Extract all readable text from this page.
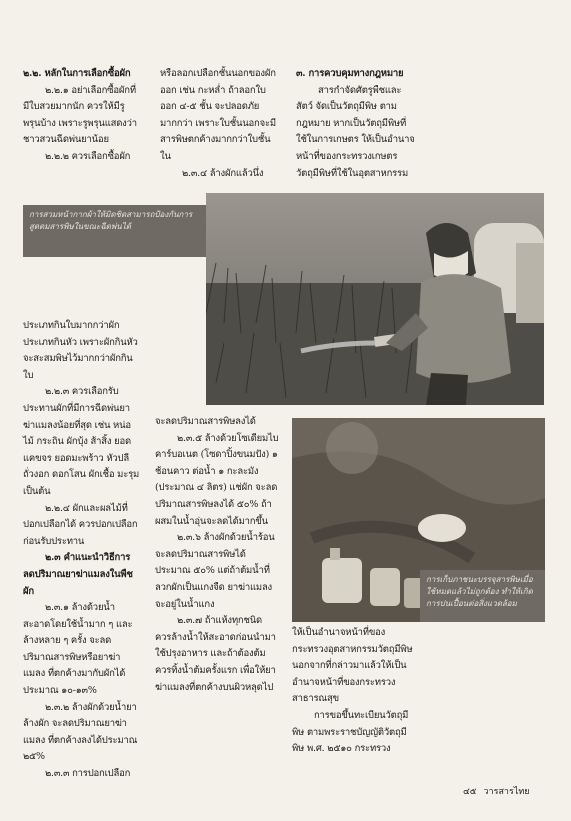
๒.๒. หลักในการเลือกซื้อผัก

๒.๒.๑ อย่าเลือกซื้อผักที่มีใบสวยมากนัก ควรให้มีรูพรุนบ้าง เพราะรูพรุนแสดงว่าชาวสวนฉีดพ่นยาน้อย

๒.๒.๒ ควรเลือกซื้อผัก

หรือลอกเปลือกชั้นนอกของผักออก เช่น กะหล่ำ ถ้าลอกใบออก ๔-๕ ชั้น จะปลอดภัยมากกว่า เพราะใบชั้นนอกจะมีสารพิษตกค้างมากกว่าใบชั้นใน

๒.๓.๔ ล้างผักแล้วนึ่ง

๓. การควบคุมทางกฎหมาย

สารกำจัดศัตรูพืชและสัตว์ จัดเป็นวัตถุมีพิษ ตามกฎหมาย หากเป็นวัตถุมีพิษที่ใช้ในการเกษตร ให้เป็นอำนาจหน้าที่ของกระทรวงเกษตร วัตถุมีพิษที่ใช้ในอุตสาหกรรม

การสวมหน้ากากผ้าให้มิดชิดสามารถป้องกันการสูดดมสารพิษในขณะฉีดพ่นได้

ประเภทกินใบมากกว่าผักประเภทกินหัว เพราะผักกินหัวจะสะสมพิษไว้มากกว่าผักกินใบ

๒.๒.๓ ควรเลือกรับประทานผักที่มีการฉีดพ่นยาฆ่าแมลงน้อยที่สุด เช่น หน่อไม้ กระถิน ผักบุ้ง ส้าสิ้ง ยอดแคขจร ยอดมะพร้าว หัวปลี ถั่วงอก ดอกโสน ผักเชื้อ มะรุม เป็นต้น

๒.๒.๔ ผักและผลไม้ที่ปอกเปลือกได้ ควรปอกเปลือกก่อนรับประทาน

๒.๓ คำแนะนำวิธีการลดปริมาณยาฆ่าแมลงในพืชผัก

๒.๓.๑ ล้างด้วยน้ำสะอาดโดยใช้น้ำมาก ๆ และล้างหลาย ๆ ครั้ง จะลดปริมาณสารพิษหรือยาฆ่าแมลง ที่ตกค้างมากับผักได้ประมาณ ๑๐-๑๓%

๒.๓.๒ ล้างผักด้วยน้ำยาล้างผัก จะลดปริมาณยาฆ่าแมลง ที่ตกค้างลงได้ประมาณ ๒๕%

๒.๓.๓ การปอกเปลือก

จะลดปริมาณสารพิษลงได้

๒.๓.๕ ล้างด้วยโซเดียมไบคาร์บอเนต (โซดาปิ้งขนมปัง) ๑ ช้อนคาว ต่อน้ำ ๑ กะละมัง (ประมาณ ๔ ลิตร) แช่ผัก จะลดปริมาณสารพิษลงได้ ๕๐% ถ้าผสมในน้ำอุ่นจะลดได้มากขึ้น

๒.๓.๖ ล้างผักด้วยน้ำร้อน จะลดปริมาณสารพิษได้ประมาณ ๕๐% แต่ถ้าต้มน้ำที่ลวกผักเป็นแกงจืด ยาฆ่าแมลงจะอยู่ในน้ำแกง

๒.๓.๗ ถ้าแห้งทุกชนิด ควรล้างน้ำให้สะอาดก่อนนำมาใช้ปรุงอาหาร และถ้าต้องต้ม ควรทิ้งน้ำต้มครั้งแรก เพื่อให้ยาฆ่าแมลงที่ตกค้างบนผิวหลุดไป

การเก็บภาชนะบรรจุสารพิษเมื่อใช้หมดแล้วไม่ถูกต้อง ทำให้เกิดการปนเปื้อนต่อสิ่งแวดล้อม

ให้เป็นอำนาจหน้าที่ของกระทรวงอุตสาหกรรมวัตถุมีพิษนอกจากที่กล่าวมาแล้วให้เป็นอำนาจหน้าที่ของกระทรวงสาธารณสุข

การขอขึ้นทะเบียนวัตถุมีพิษ ตามพระราชบัญญัติวัตถุมีพิษ พ.ศ. ๒๕๑๐ กระทรวง

๔๕ วารสารไทย
